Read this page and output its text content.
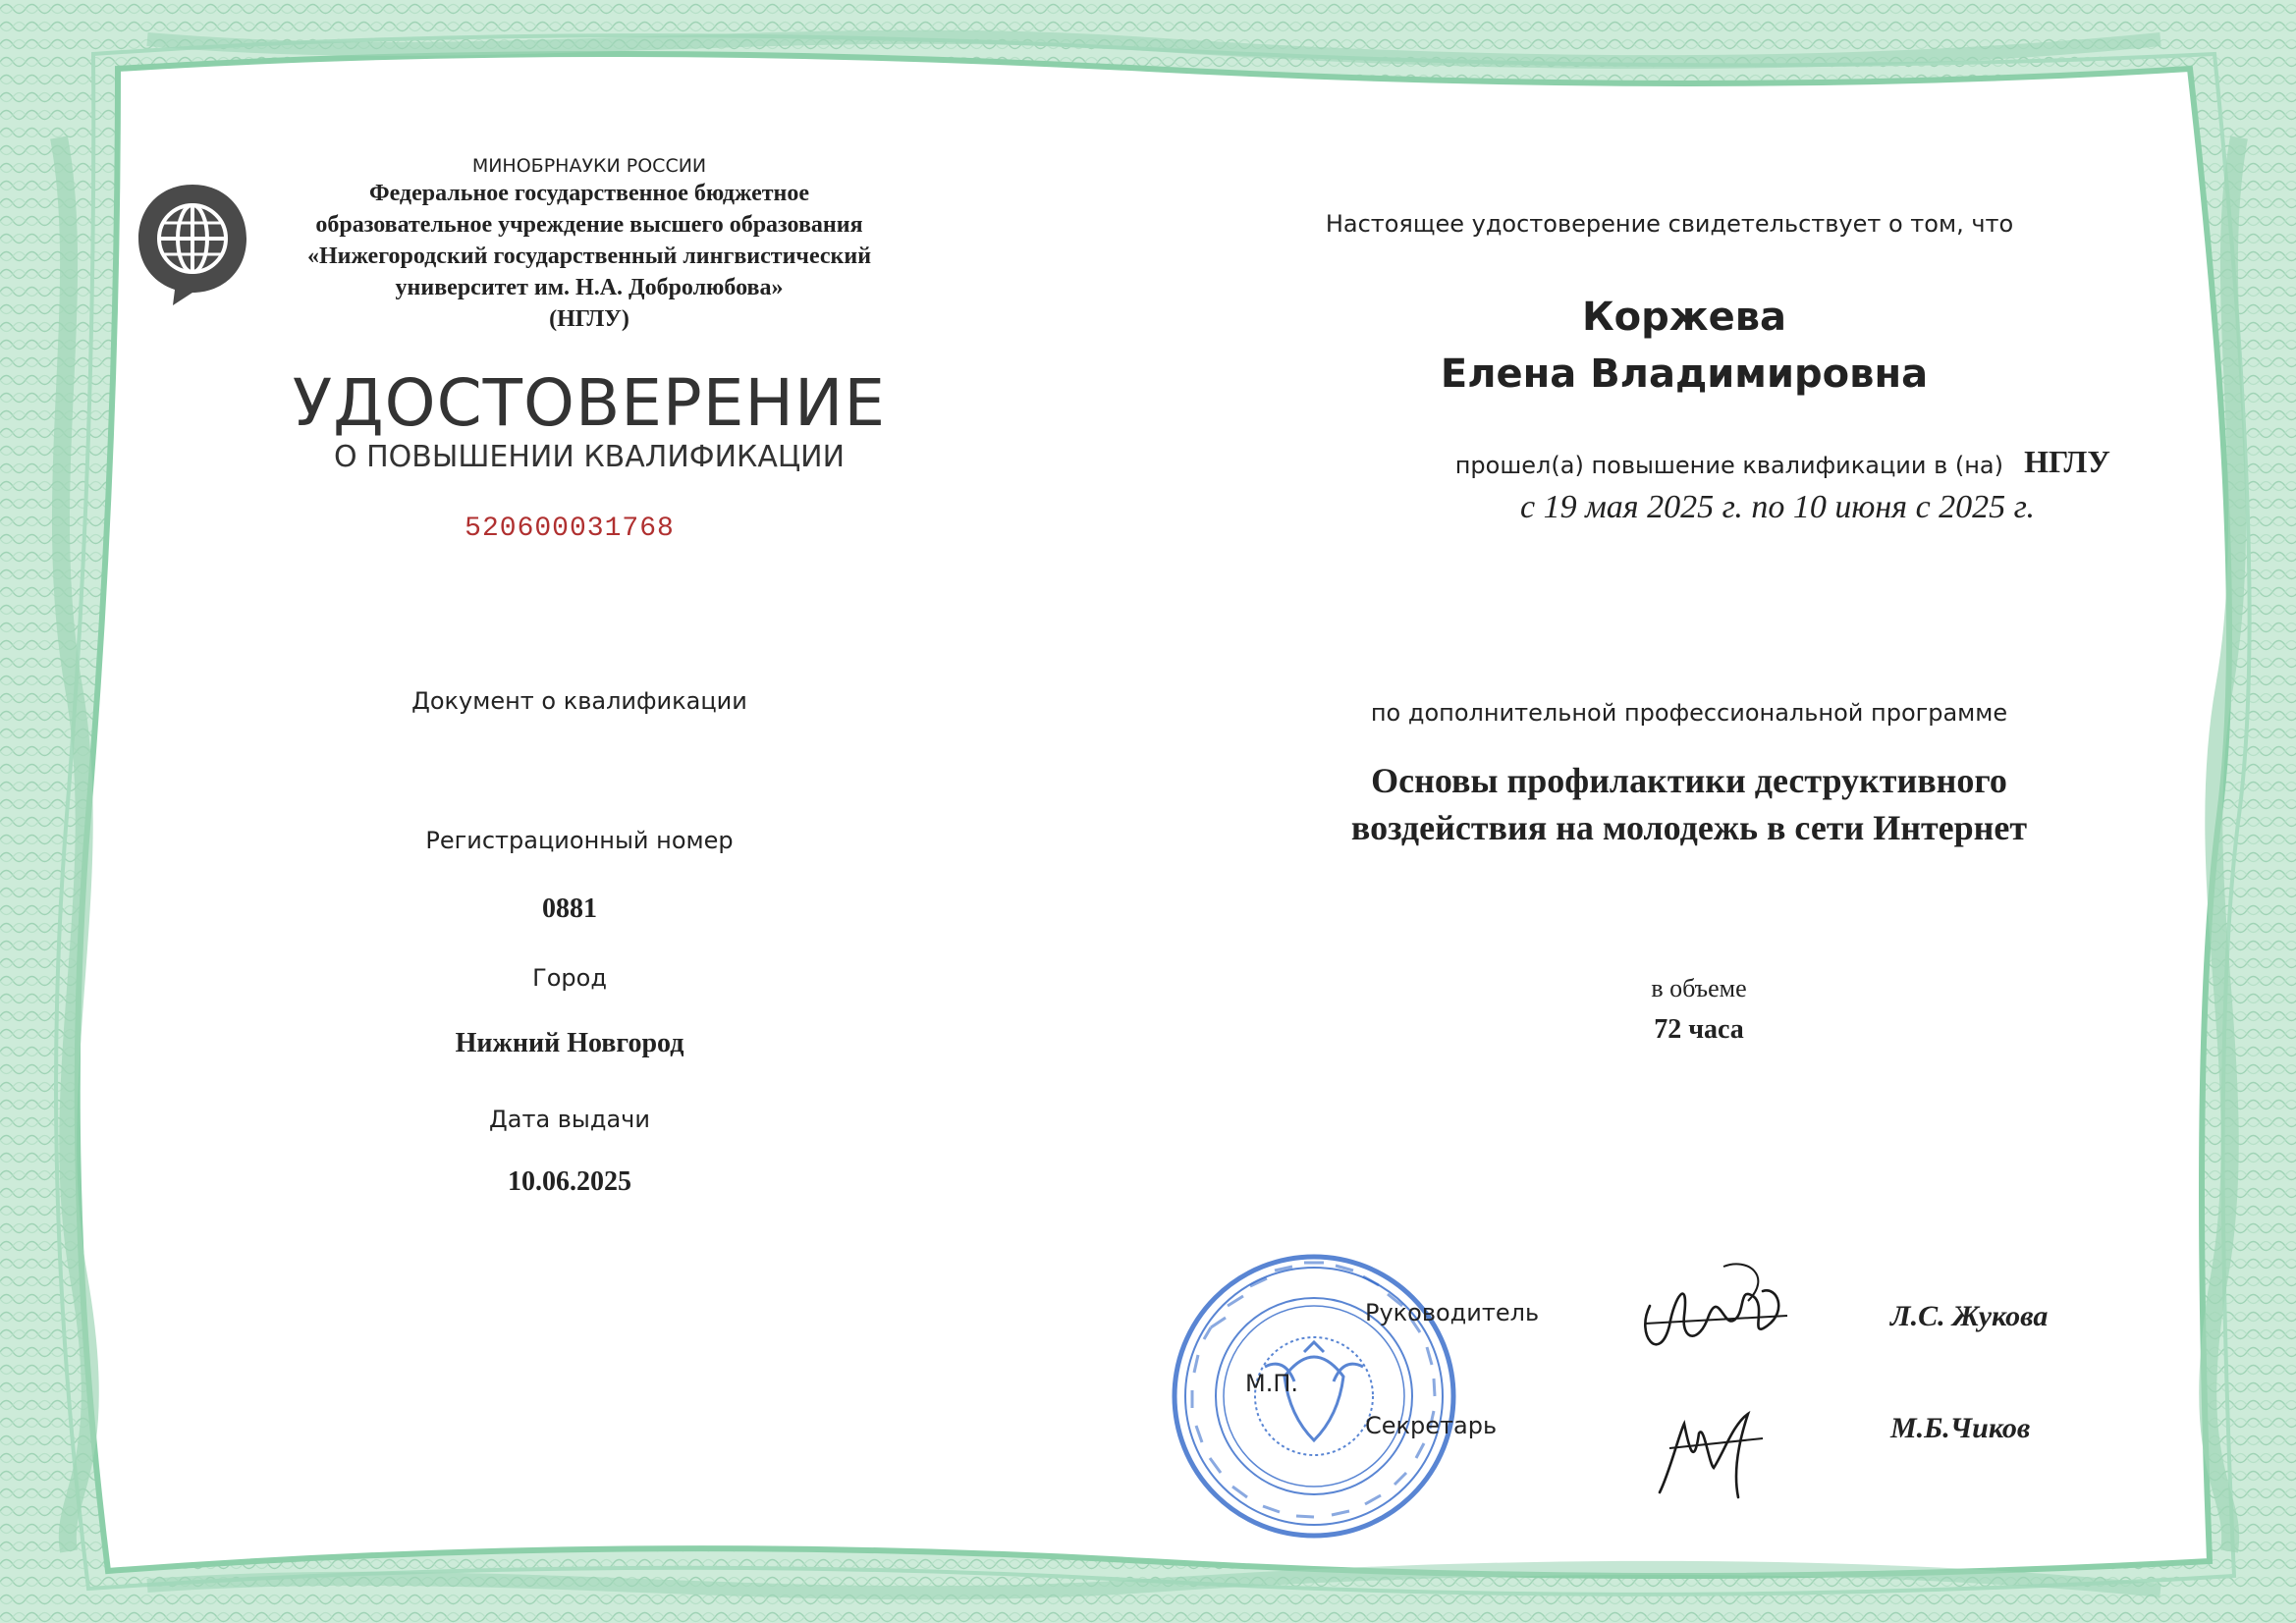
МИНОБРНАУКИ РОССИИ
Федеральное государственное бюджетное
образовательное учреждение высшего образования
«Нижегородский государственный лингвистический
университет им. Н.А. Добролюбова»
(НГЛУ)
УДОСТОВЕРЕНИЕ
О ПОВЫШЕНИИ КВАЛИФИКАЦИИ
520600031768
Документ о квалификации
Регистрационный номер
0881
Город
Нижний Новгород
Дата выдачи
10.06.2025
Настоящее удостоверение свидетельствует о том, что
Коржева
Елена Владимировна
прошел(а) повышение квалификации в (на) НГЛУ
с 19 мая 2025 г. по 10 июня с 2025 г.
по дополнительной профессиональной программе
Основы профилактики деструктивного
воздействия на молодежь в сети Интернет
в объеме
72 часа
М.П.
Руководитель	Л.С. Жукова
Секретарь	М.Б.Чиков
